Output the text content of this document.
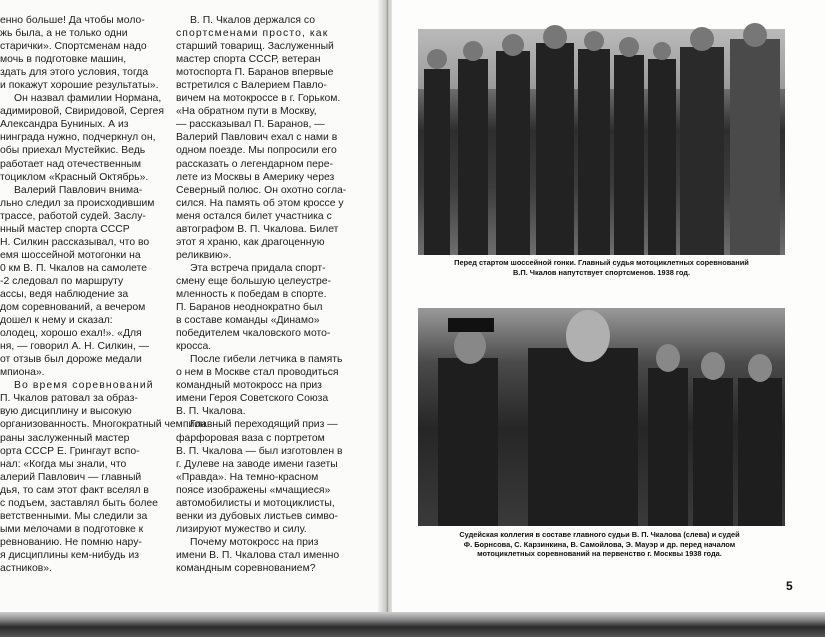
енно больше! Да чтобы моло-
жь была, а не только одни
старички». Спортсменам надо
мочь в подготовке машин,
здать для этого условия, тогда
и покажут хорошие результаты».
Он назвал фамилии Нормана,
адимировой, Свиридовой, Сергея
Александра Буниных. А из
нинграда нужно, подчеркнул он,
обы приехал Мустейкис. Ведь
работает над отечественным
тоциклом «Красный Октябрь».
Валерий Павлович внима-
льно следил за происходившим
трассе, работой судей. Заслу-
нный мастер спорта СССР
Н. Силкин рассказывал, что во
емя шоссейной мотогонки на
0 км В. П. Чкалов на самолете
-2 следовал по маршруту
ассы, ведя наблюдение за
дом соревнований, а вечером
дошел к нему и сказал:
олодец, хорошо ехал!». «Для
ня, — говорил А. Н. Силкин, —
от отзыв был дороже медали
мпиона».
Во время соревнований
П. Чкалов ратовал за образ-
вую дисциплину и высокую
организованность. Многократный чемпион
раны заслуженный мастер
орта СССР Е. Грингаут вспо-
нал: «Когда мы знали, что
алерий Павлович — главный
дья, то сам этот факт вселял в
с подъем, заставлял быть более
ветственными. Мы следили за
ыми мелочами в подготовке к
ревнованию. Не помню нару-
я дисциплины кем-нибудь из
астников».
В. П. Чкалов держался со
спортсменами просто, как
старший товарищ. Заслуженный
мастер спорта СССР, ветеран
мотоспорта П. Баранов впервые
встретился с Валерием Павло-
вичем на мотокроссе в г. Горьком.
«На обратном пути в Москву,
— рассказывал П. Баранов, —
Валерий Павлович ехал с нами в
одном поезде. Мы попросили его
рассказать о легендарном пере-
лете из Москвы в Америку через
Северный полюс. Он охотно согла-
сился. На память об этом кроссе у
меня остался билет участника с
автографом В. П. Чкалова. Билет
этот я храню, как драгоценную
реликвию».
Эта встреча придала спорт-
смену еще большую целеустре-
мленность к победам в спорте.
П. Баранов неоднократно был
в составе команды «Динамо»
победителем чкаловского мото-
кросса.
После гибели летчика в память
о нем в Москве стал проводиться
командный мотокросс на приз
имени Героя Советского Союза
В. П. Чкалова.
Главный переходящий приз —
фарфоровая ваза с портретом
В. П. Чкалова — был изготовлен в
г. Дулеве на заводе имени газеты
«Правда». На темно-красном
поясе изображены «мчащиеся»
автомобилисты и мотоциклисты,
венки из дубовых листьев симво-
лизируют мужество и силу.
Почему мотокросс на приз
имени В. П. Чкалова стал именно
командным соревнованием?
Перед стартом шоссейной гонки. Главный судья мотоциклетных соревнований
В.П. Чкалов напутствует спортсменов. 1938 год.
Судейская коллегия в составе главного судьи В. П. Чкалова (слева) и судей
Ф. Борнсова, С. Карзинкина, В. Самойлова, Э. Мауэр и др. перед началом
мотоциклетных соревнований на первенство г. Москвы 1938 года.
5
